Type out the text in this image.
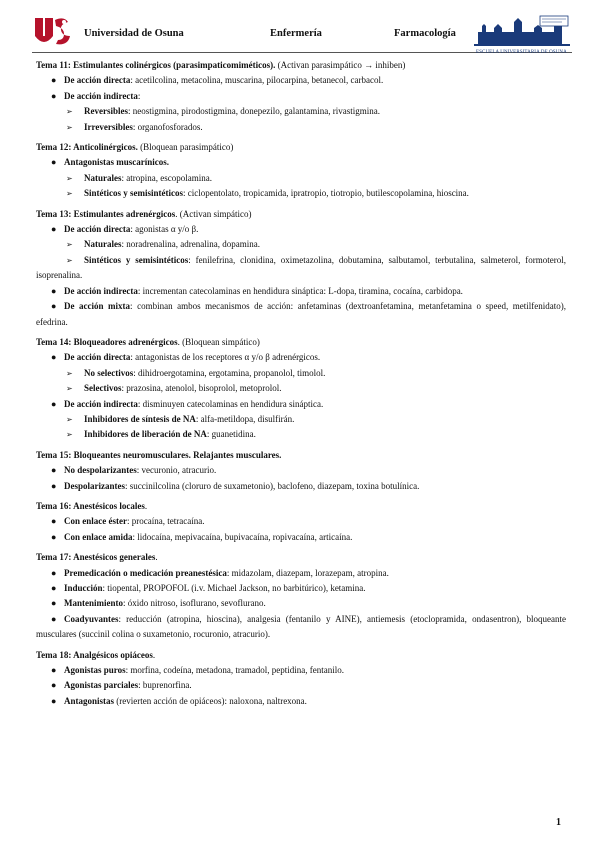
Universidad de Osuna	Enfermería	Farmacología
ESCUELA UNIVERSITARIA DE OSUNA
Tema 11: Estimulantes colinérgicos (parasimpaticomiméticos). (Activan parasimpático → inhiben)
● De acción directa: acetilcolina, metacolina, muscarina, pilocarpina, betanecol, carbacol.
● De acción indirecta:
➢ Reversibles: neostigmina, pirodostigmina, donepezilo, galantamina, rivastigmina.
➢ Irreversibles: organofosforados.
Tema 12: Anticolinérgicos. (Bloquean parasimpático)
● Antagonistas muscarínicos.
➢ Naturales: atropina, escopolamina.
➢ Sintéticos y semisintéticos: ciclopentolato, tropicamida, ipratropio, tiotropio, butilescopolamina, hioscina.
Tema 13: Estimulantes adrenérgicos. (Activan simpático)
● De acción directa: agonistas α y/o β.
➢ Naturales: noradrenalina, adrenalina, dopamina.
➢ Sintéticos y semisintéticos: fenilefrina, clonidina, oximetazolina, dobutamina, salbutamol, terbutalina, salmeterol, formoterol, isoprenalina.
● De acción indirecta: incrementan catecolaminas en hendidura sináptica: L-dopa, tiramina, cocaína, carbidopa.
● De acción mixta: combinan ambos mecanismos de acción: anfetaminas (dextroanfetamina, metanfetamina o speed, metilfenidato), efedrina.
Tema 14: Bloqueadores adrenérgicos. (Bloquean simpático)
● De acción directa: antagonistas de los receptores α y/o β adrenérgicos.
➢ No selectivos: dihidroergotamina, ergotamina, propanolol, timolol.
➢ Selectivos: prazosina, atenolol, bisoprolol, metoprolol.
● De acción indirecta: disminuyen catecolaminas en hendidura sináptica.
➢ Inhibidores de síntesis de NA: alfa-metildopa, disulfirán.
➢ Inhibidores de liberación de NA: guanetidina.
Tema 15: Bloqueantes neuromusculares. Relajantes musculares.
● No despolarizantes: vecuronio, atracurio.
● Despolarizantes: succinilcolina (cloruro de suxametonio), baclofeno, diazepam, toxina botulínica.
Tema 16: Anestésicos locales.
● Con enlace éster: procaína, tetracaína.
● Con enlace amida: lidocaína, mepivacaína, bupivacaína, ropivacaína, articaína.
Tema 17: Anestésicos generales.
● Premedicación o medicación preanestésica: midazolam, diazepam, lorazepam, atropina.
● Inducción: tiopental, PROPOFOL (i.v. Michael Jackson, no barbitúrico), ketamina.
● Mantenimiento: óxido nitroso, isoflurano, sevoflurano.
● Coadyuvantes: reducción (atropina, hioscina), analgesia (fentanilo y AINE), antiemesis (etoclopramida, ondasentron), bloqueante musculares (succinil colina o suxametonio, rocuronio, atracurio).
Tema 18: Analgésicos opiáceos.
● Agonistas puros: morfina, codeína, metadona, tramadol, peptidina, fentanilo.
● Agonistas parciales: buprenorfina.
● Antagonistas (revierten acción de opiáceos): naloxona, naltrexona.
1
